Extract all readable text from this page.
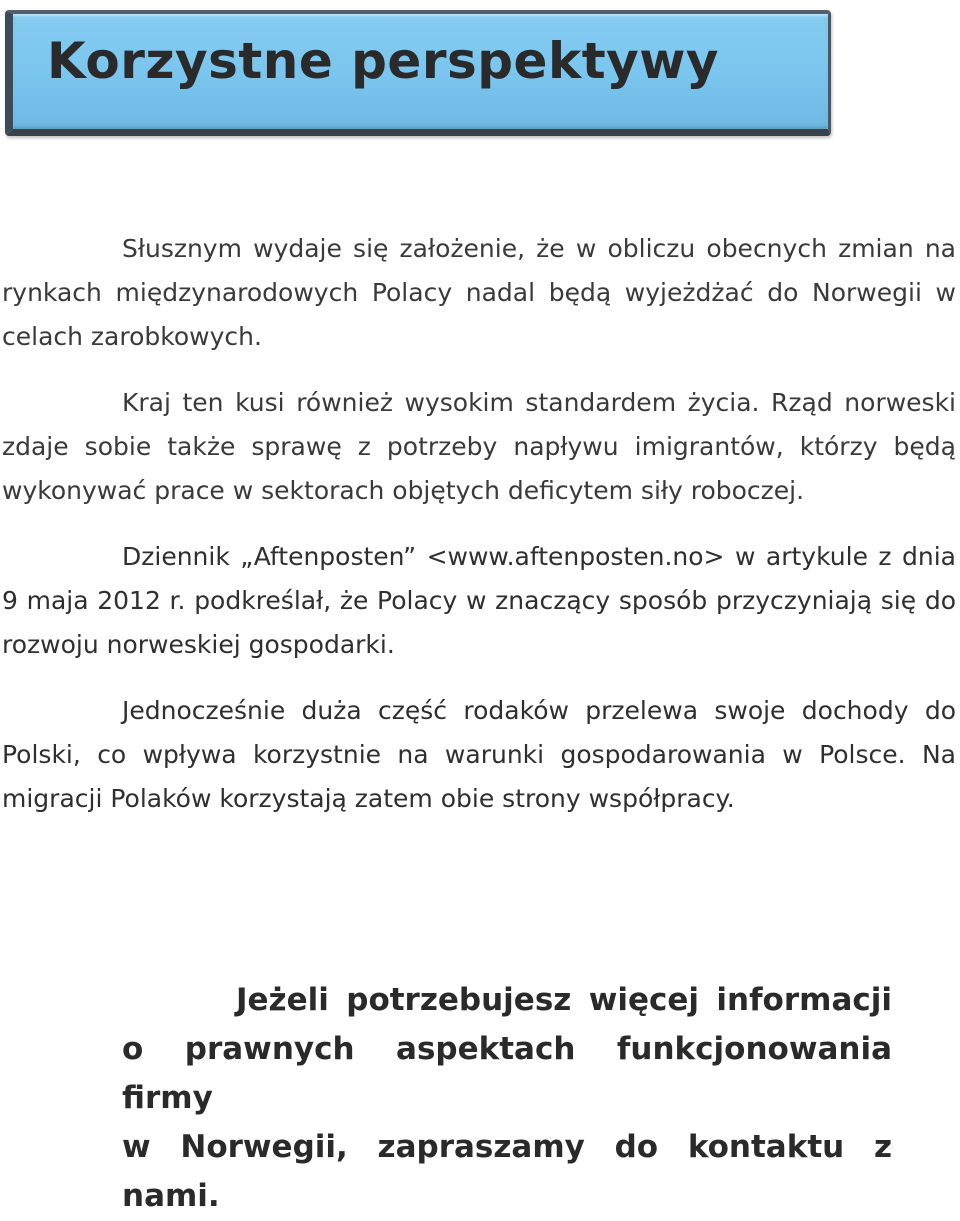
Korzystne perspektywy

Słusznym wydaje się założenie, że w obliczu obecnych zmian na rynkach międzynarodowych Polacy nadal będą wyjeżdżać do Norwegii w celach zarobkowych.

Kraj ten kusi również wysokim standardem życia. Rząd norweski zdaje sobie także sprawę z potrzeby napływu imigrantów, którzy będą wykonywać prace w sektorach objętych deficytem siły roboczej.

Dziennik „Aftenposten” <www.aftenposten.no> w artykule z dnia 9 maja 2012 r. podkreślał, że Polacy w znaczący sposób przyczyniają się do rozwoju norweskiej gospodarki.

Jednocześnie duża część rodaków przelewa swoje dochody do Polski, co wpływa korzystnie na warunki gospodarowania w Polsce. Na migracji Polaków korzystają zatem obie strony współpracy.

Jeżeli potrzebujesz więcej informacji
o prawnych aspektach funkcjonowania firmy
w Norwegii, zapraszamy do kontaktu z nami.
